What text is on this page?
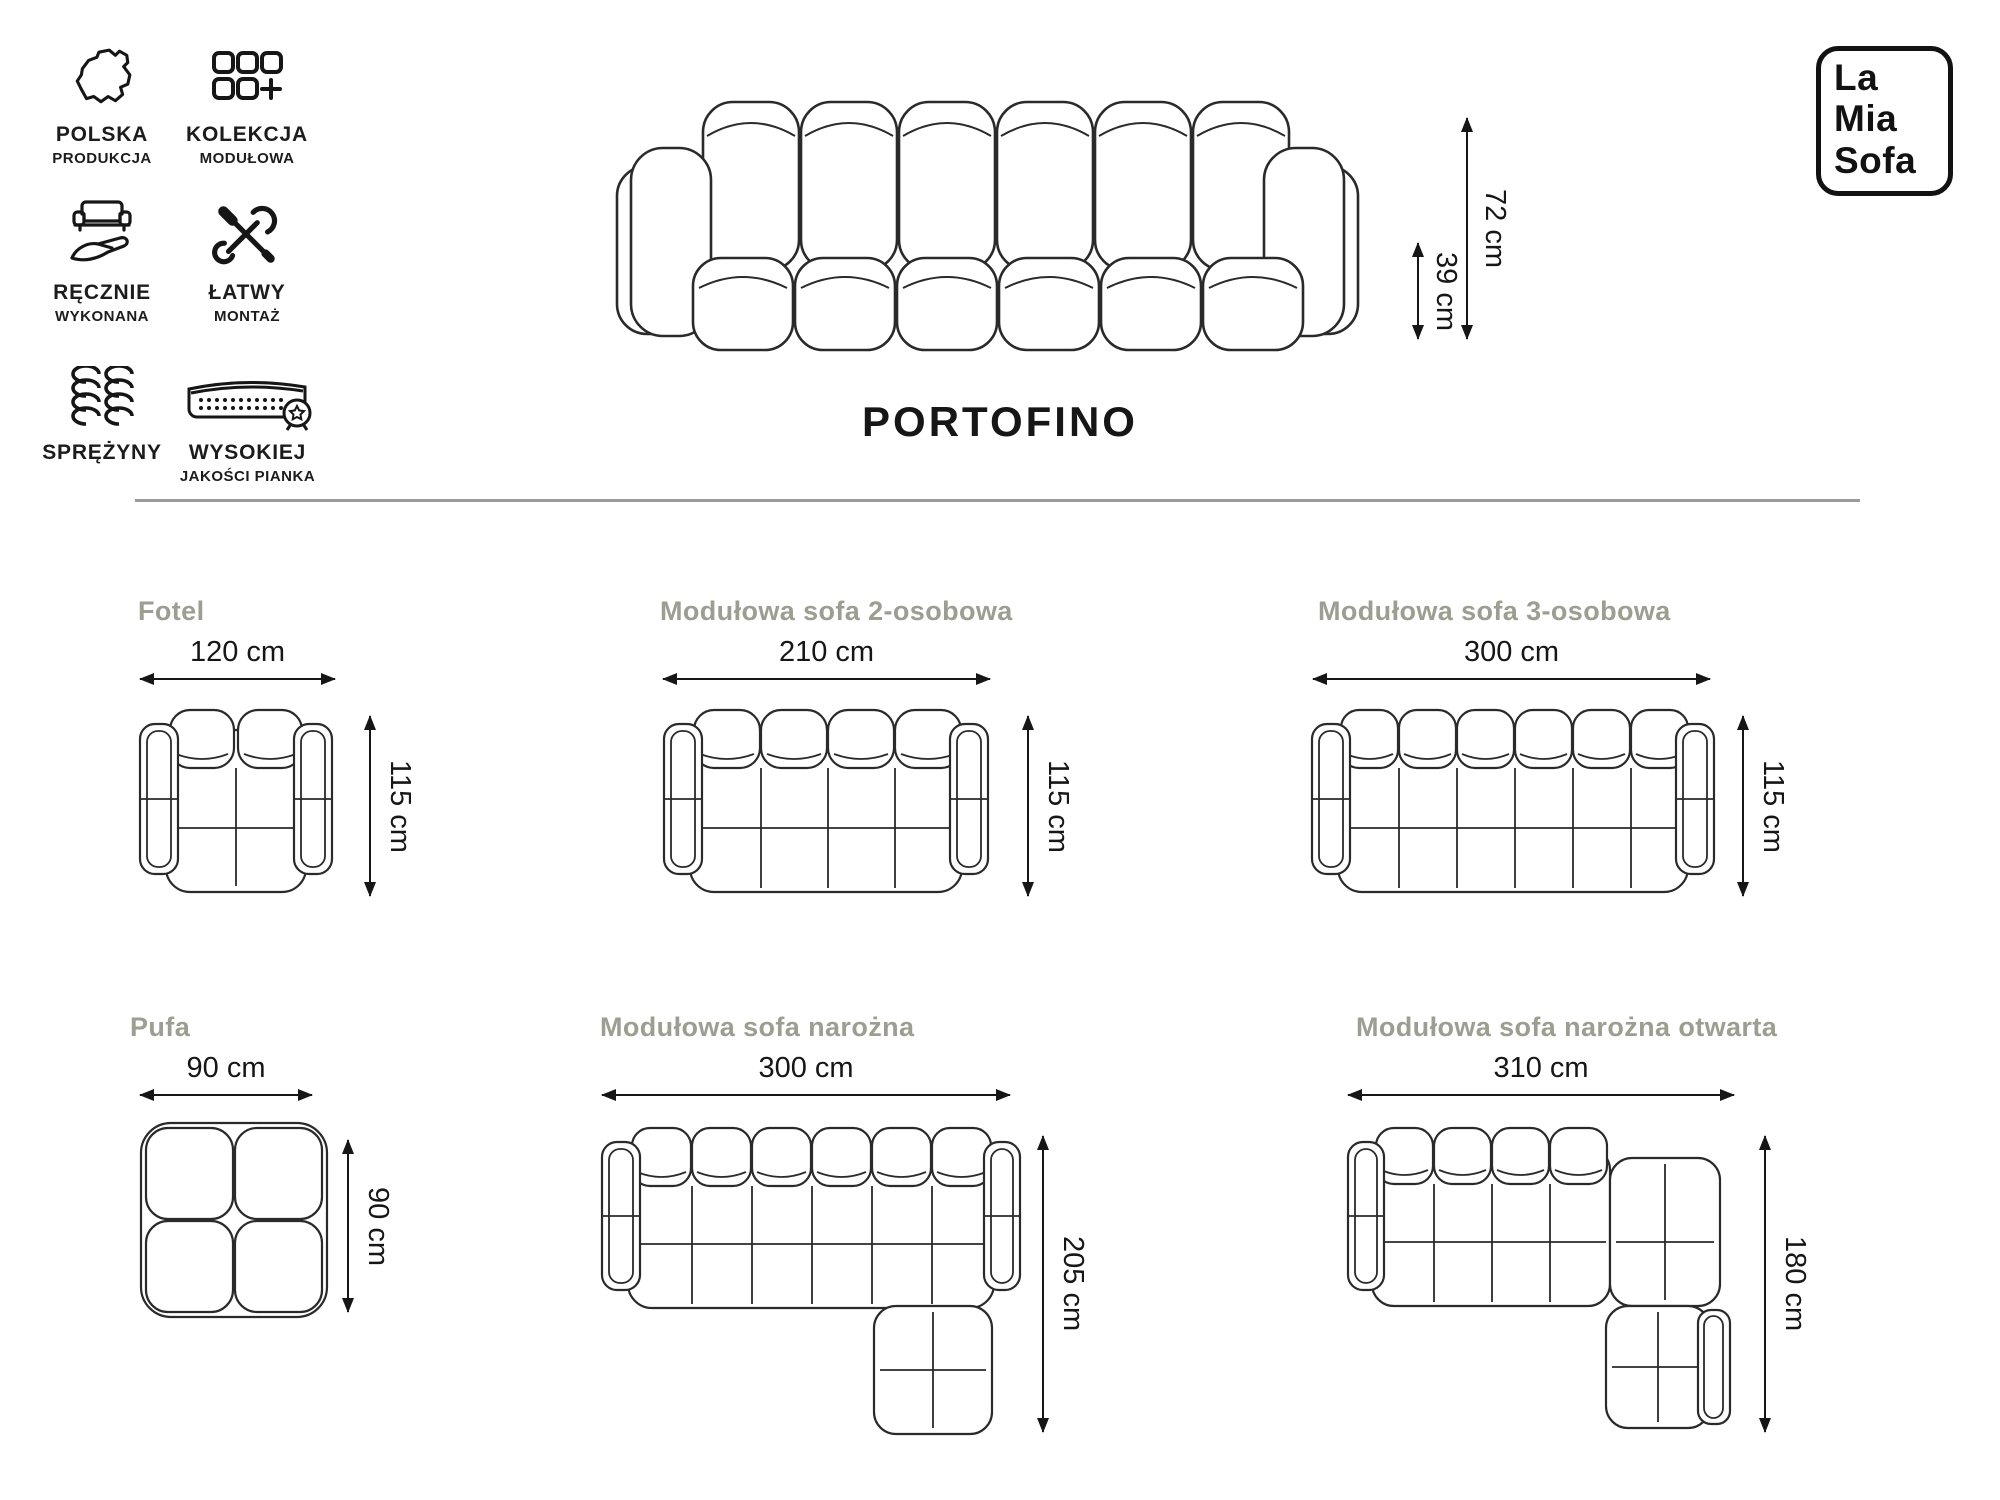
POLSKA
PRODUKCJA
KOLEKCJA
MODUŁOWA
RĘCZNIE
WYKONANA
ŁATWY
MONTAŻ
SPRĘŻYNY WYSOKIEJ
JAKOŚCI PIANKA
La
Mia
Sofa
39 cm
72 cm
PORTOFINO
Fotel
120 cm
115 cm
Modułowa sofa 2-osobowa
210 cm
115 cm
Modułowa sofa 3-osobowa
300 cm
115 cm
Pufa
90 cm
90 cm
Modułowa sofa narożna
300 cm
205 cm
Modułowa sofa narożna otwarta
310 cm
180 cm
